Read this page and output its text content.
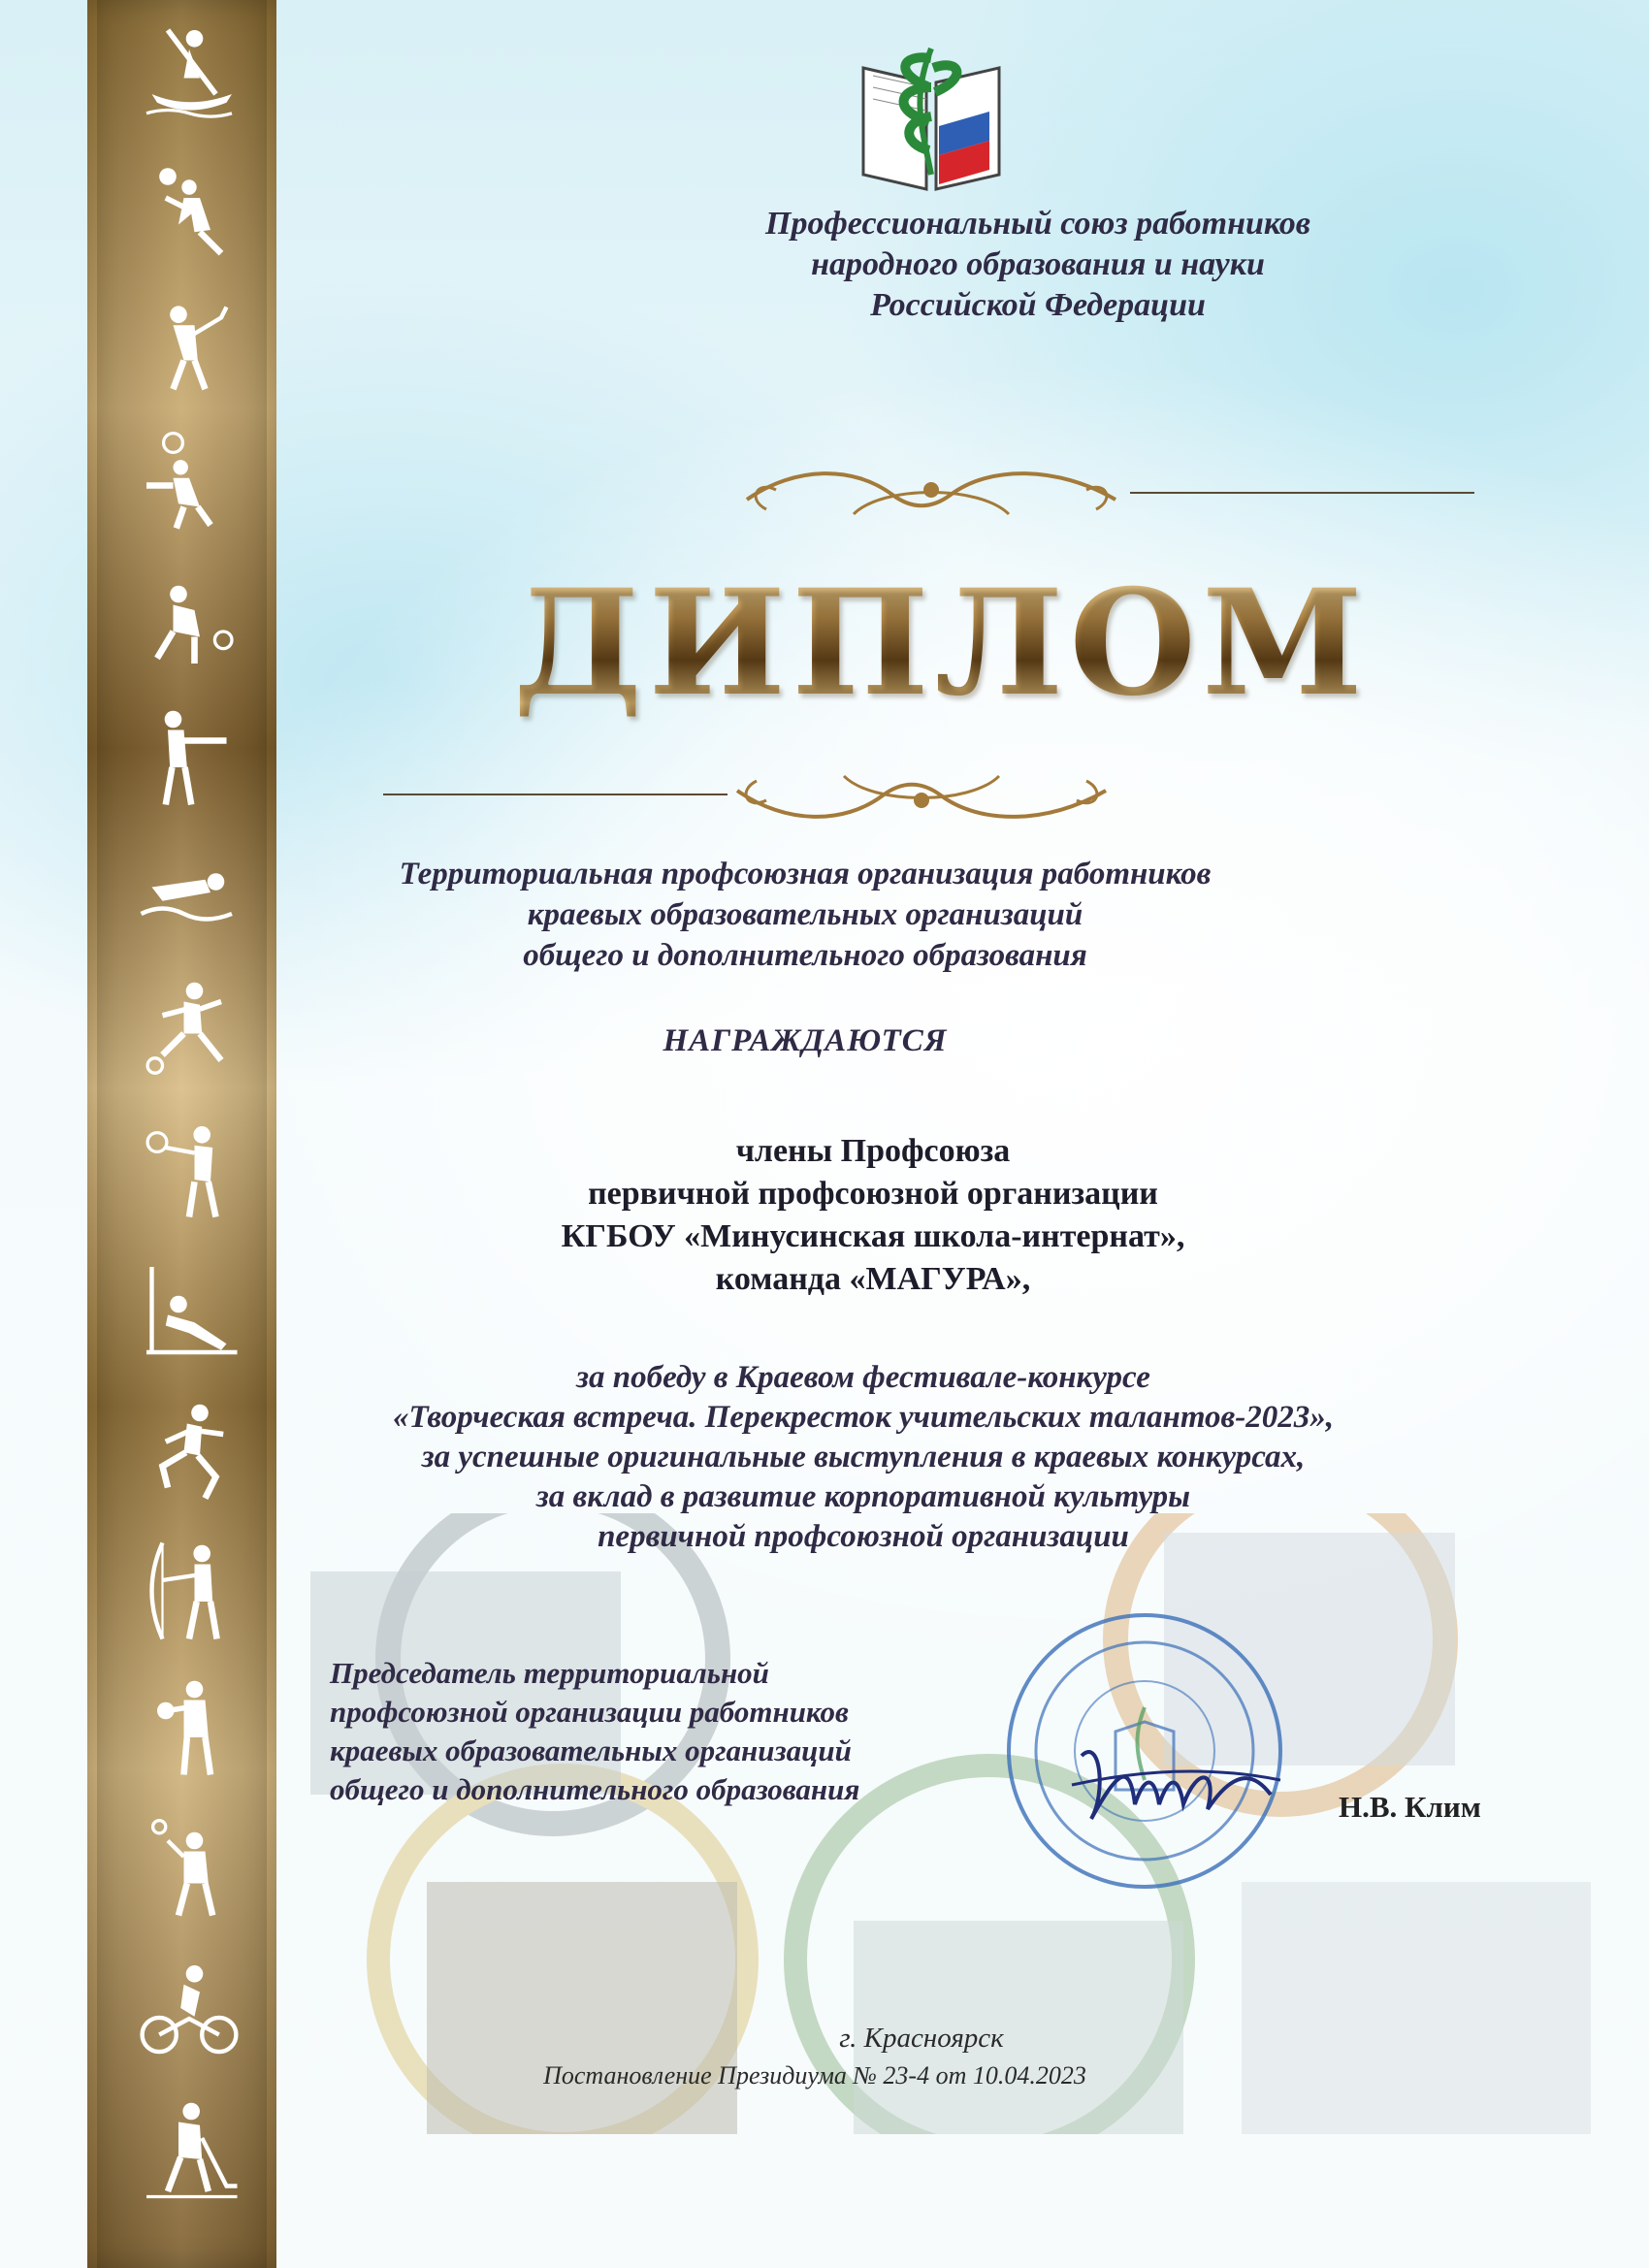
Профессиональный союз работников
народного образования и науки
Российской Федерации
ДИПЛОМ
Территориальная профсоюзная организация работников
краевых образовательных организаций
общего и дополнительного образования
НАГРАЖДАЮТСЯ
члены Профсоюза
первичной профсоюзной организации
КГБОУ «Минусинская школа-интернат»,
команда «МАГУРА»,
за победу в Краевом фестивале-конкурсе
«Творческая встреча. Перекресток учительских талантов-2023»,
за успешные оригинальные выступления в краевых конкурсах,
за вклад в развитие корпоративной культуры
первичной профсоюзной организации
Председатель территориальной
профсоюзной организации работников
краевых образовательных организаций
общего и дополнительного образования
Н.В. Клим
г. Красноярск
Постановление Президиума № 23-4 от 10.04.2023
